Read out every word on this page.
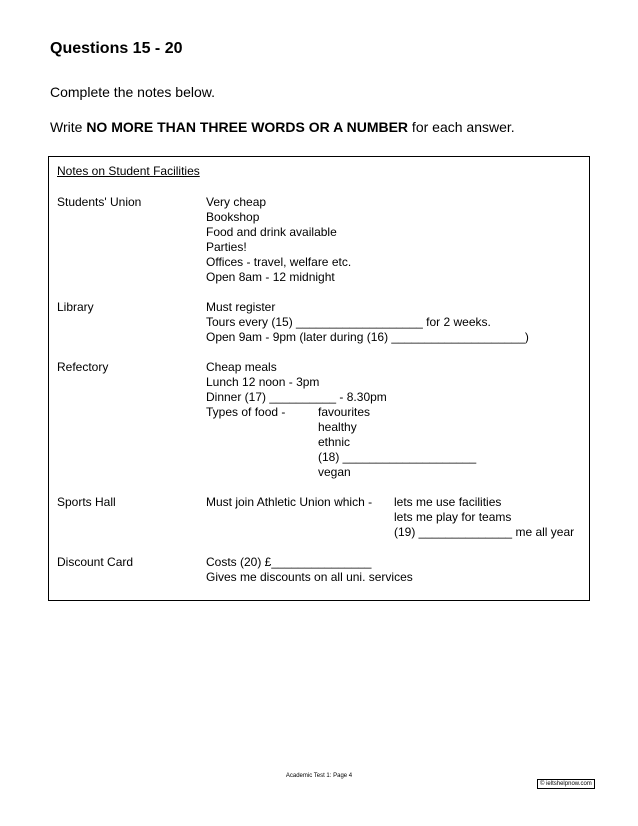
Questions 15 - 20
Complete the notes below.
Write NO MORE THAN THREE WORDS OR A NUMBER for each answer.
Notes on Student Facilities
Students' Union	Very cheap
Bookshop
Food and drink available
Parties!
Offices - travel, welfare etc.
Open 8am - 12 midnight
Library	Must register
Tours every (15) ___________________ for 2 weeks.
Open 9am - 9pm (later during (16) ____________________)
Refectory	Cheap meals
Lunch 12 noon - 3pm
Dinner (17) __________ - 8.30pm
Types of food -	favourites
healthy
ethnic
(18) ____________________
vegan
Sports Hall	Must join Athletic Union which - lets me use facilities
lets me play for teams
(19) ______________ me all year
Discount Card	Costs (20) £_______________
Gives me discounts on all uni. services
Academic Test 1: Page 4
© ieltshelpnow.com
